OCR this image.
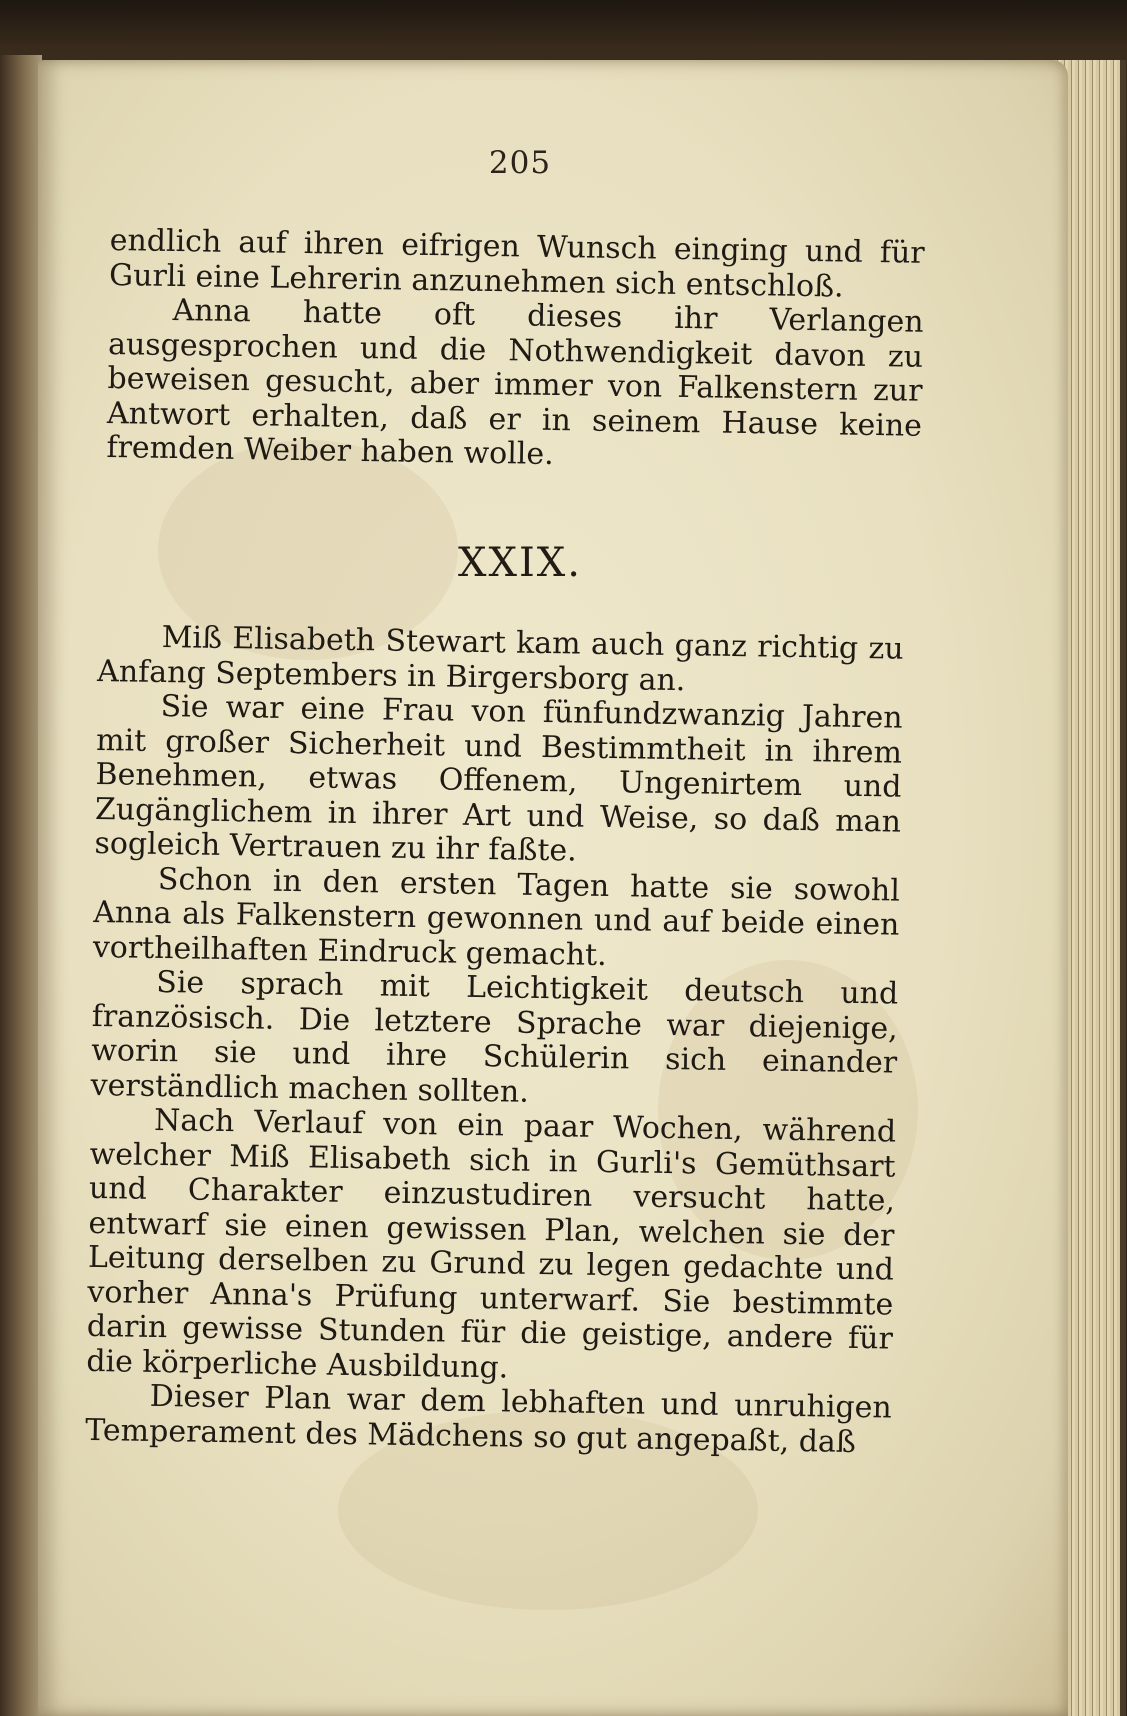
205

endlich auf ihren eifrigen Wunsch einging und für Gurli eine Lehrerin anzunehmen sich entschloß.

Anna hatte oft dieses ihr Verlangen ausgesprochen und die Nothwendigkeit davon zu beweisen gesucht, aber immer von Falkenstern zur Antwort erhalten, daß er in seinem Hause keine fremden Weiber haben wolle.

XXIX.

Miß Elisabeth Stewart kam auch ganz richtig zu Anfang Septembers in Birgersborg an.

Sie war eine Frau von fünfundzwanzig Jahren mit großer Sicherheit und Bestimmtheit in ihrem Benehmen, etwas Offenem, Ungenirtem und Zugänglichem in ihrer Art und Weise, so daß man sogleich Vertrauen zu ihr faßte.

Schon in den ersten Tagen hatte sie sowohl Anna als Falkenstern gewonnen und auf beide einen vortheilhaften Eindruck gemacht.

Sie sprach mit Leichtigkeit deutsch und französisch. Die letztere Sprache war diejenige, worin sie und ihre Schülerin sich einander verständlich machen sollten.

Nach Verlauf von ein paar Wochen, während welcher Miß Elisabeth sich in Gurli's Gemüthsart und Charakter einzustudiren versucht hatte, entwarf sie einen gewissen Plan, welchen sie der Leitung derselben zu Grund zu legen gedachte und vorher Anna's Prüfung unterwarf. Sie bestimmte darin gewisse Stunden für die geistige, andere für die körperliche Ausbildung.

Dieser Plan war dem lebhaften und unruhigen Temperament des Mädchens so gut angepaßt, daß
